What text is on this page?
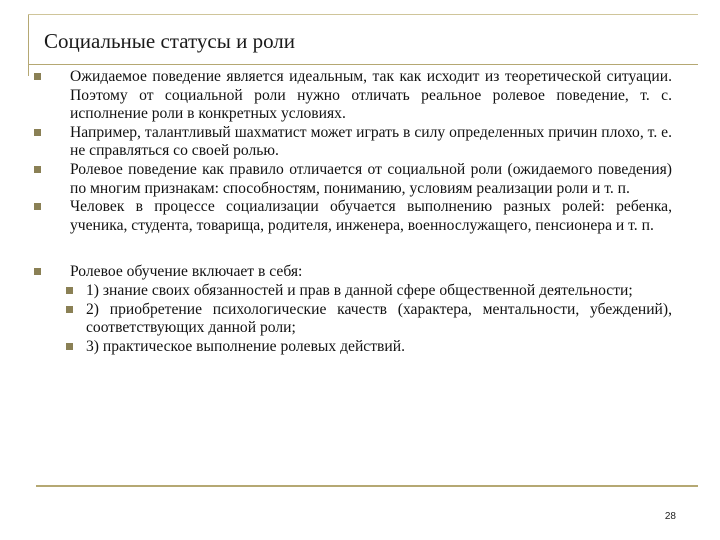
Социальные статусы и роли
Ожидаемое поведение является идеальным, так как исходит из теоретической ситуации. Поэтому от социальной роли нужно отличать реальное ролевое поведение, т. с. исполнение роли в конкретных условиях.
Например, талантливый шахматист может играть в силу определенных причин плохо, т. е. не справляться со своей ролью.
Ролевое поведение как правило отличается от социальной роли (ожидаемого поведения) по многим признакам: способностям, пониманию, условиям реализации роли и т. п.
Человек в процессе социализации обучается выполнению разных ролей: ребенка, ученика, студента, товарища, родителя, инженера, военнослужащего, пенсионера и т. п.
Ролевое обучение включает в себя:
1) знание своих обязанностей и прав в данной сфере общественной деятельности;
2) приобретение психологические качеств (характера, ментальности, убеждений), соответствующих данной роли;
3) практическое выполнение ролевых действий.
28
